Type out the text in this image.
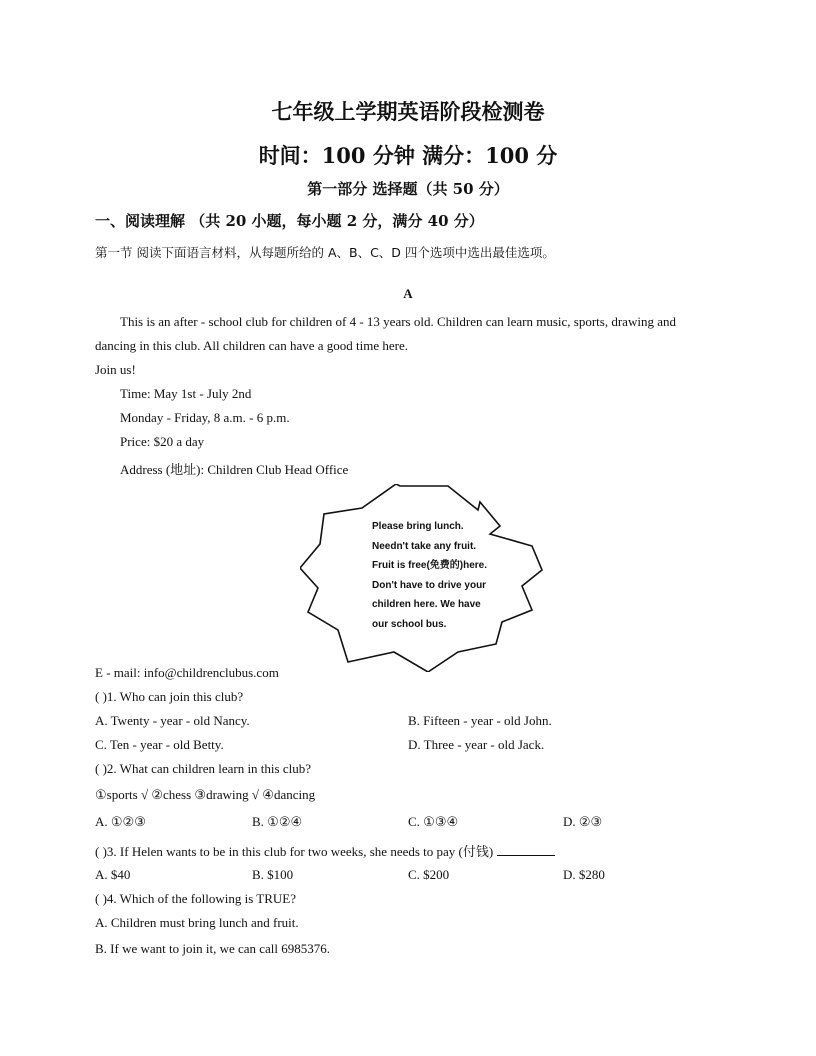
七年级上学期英语阶段检测卷
时间：100 分钟 满分：100 分
第一部分 选择题（共 50 分）
一、阅读理解 （共 20 小题，每小题 2 分，满分 40 分）
第一节 阅读下面语言材料，从每题所给的 A、B、C、D 四个选项中选出最佳选项。
A
This is an after - school club for children of 4 - 13 years old. Children can learn music, sports, drawing and
dancing in this club. All children can have a good time here.
Join us!
Time: May 1st - July 2nd
Monday - Friday, 8 a.m. - 6 p.m.
Price: $20 a day
Address (地址): Children Club Head Office
Please bring lunch.
Needn't take any fruit.
Fruit is free(免费的)here.
Don't have to drive your
children here. We have
our school bus.
E - mail: info@childrenclubus.com
( )1. Who can join this club?
A. Twenty - year - old Nancy.	B. Fifteen - year - old John.
C. Ten - year - old Betty.	D. Three - year - old Jack.
( )2. What can children learn in this club?
①sports √ ②chess ③drawing √ ④dancing
A. ①②③	B. ①②④	C. ①③④	D. ②③
( )3. If Helen wants to be in this club for two weeks, she needs to pay (付钱)
A. $40	B. $100	C. $200	D. $280
( )4. Which of the following is TRUE?
A. Children must bring lunch and fruit.
B. If we want to join it, we can call 6985376.
